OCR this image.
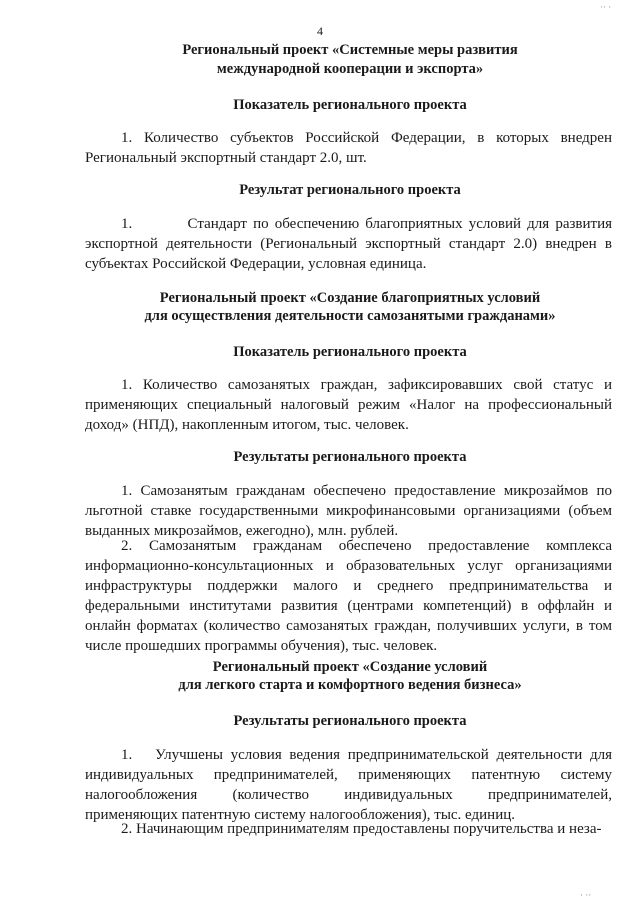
4
Региональный проект «Системные меры развития
международной кооперации и экспорта»
Показатель регионального проекта
1. Количество субъектов Российской Федерации, в которых внедрен Региональный экспортный стандарт 2.0, шт.
Результат регионального проекта
1.         Стандарт по обеспечению благоприятных условий для развития экспортной деятельности (Региональный экспортный стандарт 2.0) внедрен в субъектах Российской Федерации, условная единица.
Региональный проект «Создание благоприятных условий
для осуществления деятельности самозанятыми гражданами»
Показатель регионального проекта
1. Количество самозанятых граждан, зафиксировавших свой статус и применяющих специальный налоговый режим «Налог на профессиональный доход» (НПД), накопленным итогом, тыс. человек.
Результаты регионального проекта
1. Самозанятым гражданам обеспечено предоставление микрозаймов по льготной ставке государственными микрофинансовыми организациями (объем выданных микрозаймов, ежегодно), млн. рублей.
2. Самозанятым гражданам обеспечено предоставление комплекса информационно-консультационных и образовательных услуг организациями инфраструктуры поддержки малого и среднего предпринимательства и федеральными институтами развития (центрами компетенций) в оффлайн и онлайн форматах (количество самозанятых граждан, получивших услуги, в том числе прошедших программы обучения), тыс. человек.
Региональный проект «Создание условий
для легкого старта и комфортного ведения бизнеса»
Результаты регионального проекта
1.   Улучшены условия ведения предпринимательской деятельности для индивидуальных предпринимателей, применяющих патентную систему налогообложения (количество индивидуальных предпринимателей, применяющих патентную систему налогообложения), тыс. единиц.
2. Начинающим предпринимателям предоставлены поручительства и неза-
·· ·
· ··
